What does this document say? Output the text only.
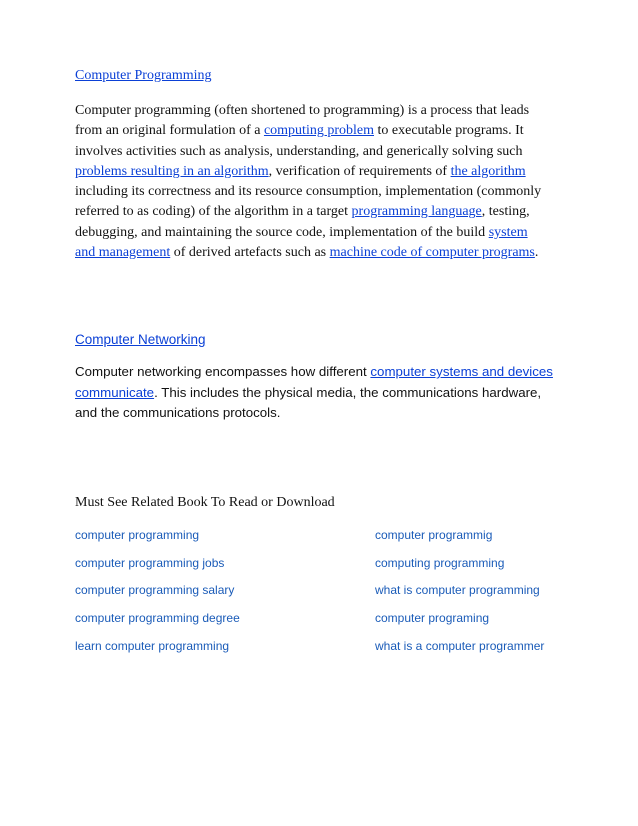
Computer Programming
Computer programming (often shortened to programming) is a process that leads
from an original formulation of a computing problem to executable programs. It
involves activities such as analysis, understanding, and generically solving such
problems resulting in an algorithm, verification of requirements of the algorithm
including its correctness and its resource consumption, implementation (commonly
referred to as coding) of the algorithm in a target programming language, testing,
debugging, and maintaining the source code, implementation of the build system
and management of derived artefacts such as machine code of computer programs.
Computer Networking
Computer networking encompasses how different computer systems and devices
communicate. This includes the physical media, the communications hardware,
and the communications protocols.
Must See Related Book To Read or Download
computer programming
computer programming jobs
computer programming salary
computer programming degree
learn computer programming
computer programmig
computing programming
what is computer programming
computer programing
what is a computer programmer
